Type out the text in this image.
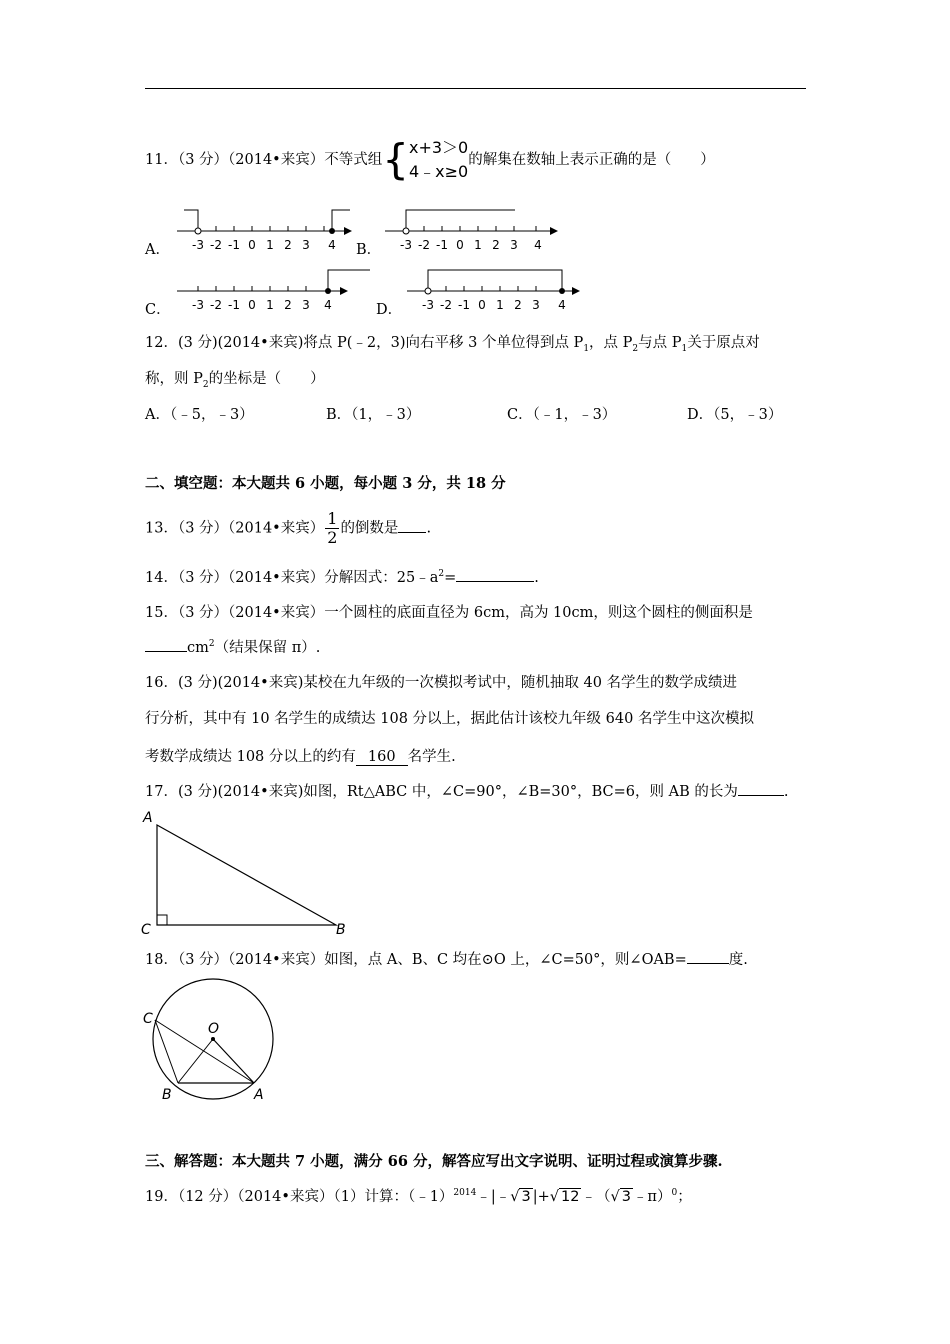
11．（3 分）（2014•来宾）不等式组{x+3＞0
4﹣x≥0的解集在数轴上表示正确的是（　　）
A． -3 -2 -1 0 1 2 3 4 B． -3 -2 -1 0 1 2 3 4
C． -3 -2 -1 0 1 2 3 4	D． -3 -2 -1 0 1 2 3 4
12．(3 分)(2014•来宾)将点 P(﹣2，3)向右平移 3 个单位得到点 $P_1$，点 $P_2$与点 $P_1$关于原点对
称，则 $P_2$的坐标是（　　）
A．（﹣5，﹣3）	B．（1，﹣3）	C．（﹣1，﹣3）	D．（5，﹣3）
二、填空题：本大题共 6 小题，每小题 3 分，共 18 分
13．（3 分）（2014•来宾） $\frac{1}{2}$ 的倒数是 .
14．（3 分）（2014•来宾）分解因式：$25﹣a^2=$	.
15．（3 分）（2014•来宾）一个圆柱的底面直径为 6cm，高为 10cm，则这个圆柱的侧面积是
$cm^2$（结果保留 π）.
16．(3 分)(2014•来宾)某校在九年级的一次模拟考试中，随机抽取 40 名学生的数学成绩进
行分析，其中有 10 名学生的成绩达 108 分以上，据此估计该校九年级 640 名学生中这次模拟
考数学成绩达 108 分以上的约有 160 名学生.
17．(3 分)(2014•来宾)如图，Rt△ABC 中，∠C=90°，∠B=30°，BC=6，则 AB 的长为	.
A
C	B
18．（3 分）（2014•来宾）如图，点 A、B、C 均在⊙O 上，∠C=50°，则∠OAB=	度.
C
O
B	A
三、解答题：本大题共 7 小题，满分 66 分，解答应写出文字说明、证明过程或演算步骤.
19．（12 分）（2014•来宾）（1）计算：（﹣1）$^{2014}$﹣|﹣√ 3 |+√ 12 ﹣（√ 3 ﹣π）$^0$；
